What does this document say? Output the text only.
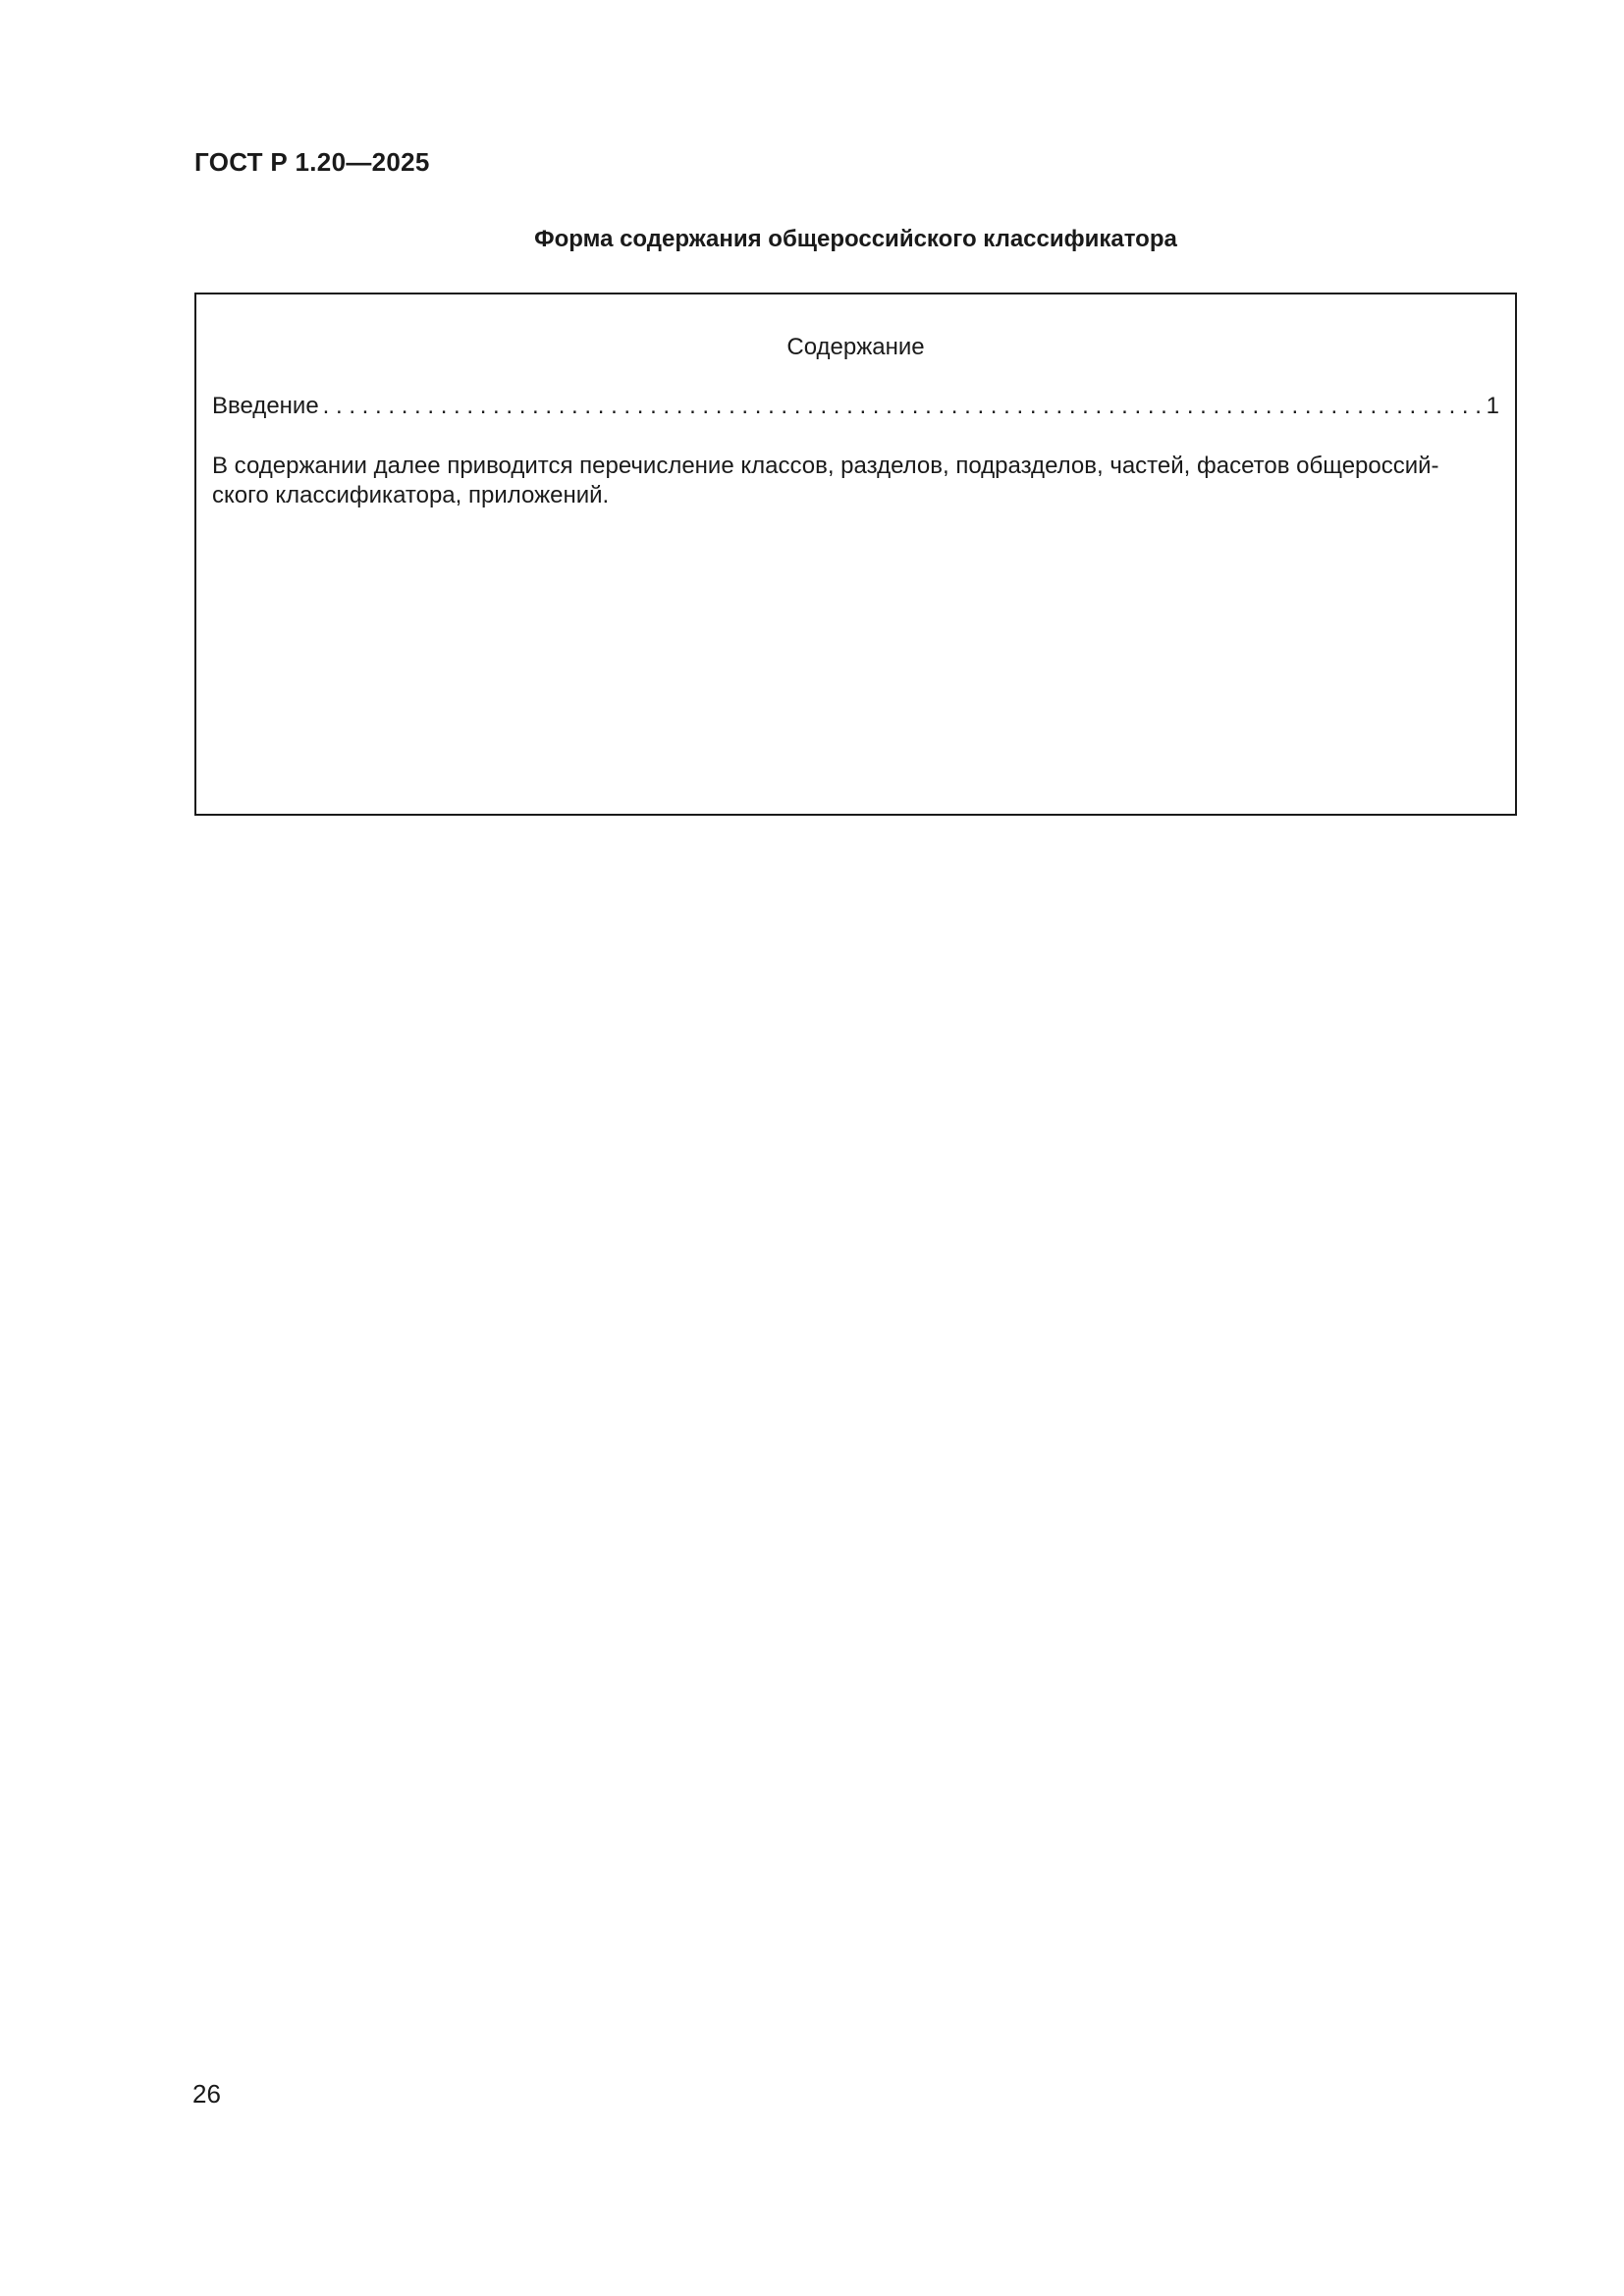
ГОСТ Р 1.20—2025
Форма содержания общероссийского классификатора
Содержание
Введение
. . .	1
В содержании далее приводится перечисление классов, разделов, подразделов, частей, фасетов общероссий-
ского классификатора, приложений.
26
